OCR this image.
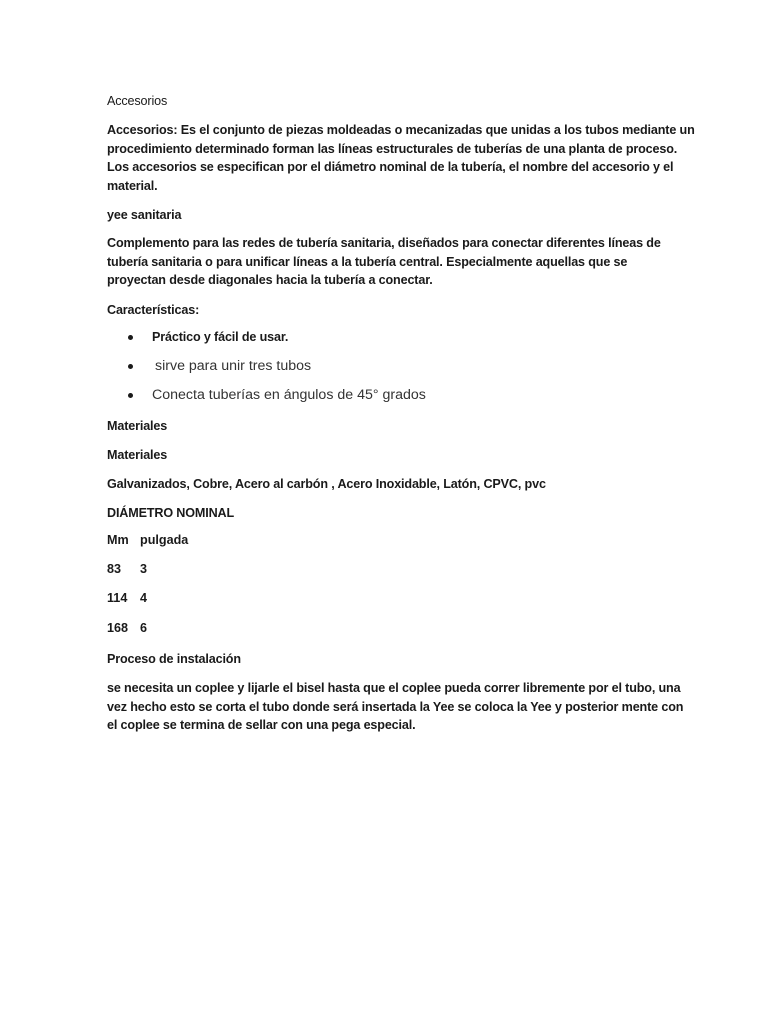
Accesorios

Accesorios: Es el conjunto de piezas moldeadas o mecanizadas que unidas a los tubos mediante un
procedimiento determinado forman las líneas estructurales de tuberías de una planta de proceso.
Los accesorios se especifican por el diámetro nominal de la tubería, el nombre del accesorio y el
material.

yee sanitaria

Complemento para las redes de tubería sanitaria, diseñados para conectar diferentes líneas de
tubería sanitaria o para unificar líneas a la tubería central. Especialmente aquellas que se
proyectan desde diagonales hacia la tubería a conectar.

Características:

Práctico y fácil de usar.
sirve para unir tres tubos
Conecta tuberías en ángulos de 45° grados

Materiales

Materiales

Galvanizados, Cobre, Acero al carbón , Acero Inoxidable, Latón, CPVC, pvc

DIÁMETRO NOMINAL

Mm pulgada
83	3
114	4
168 6

Proceso de instalación

se necesita un coplee y lijarle el bisel hasta que el coplee pueda correr libremente por el tubo, una
vez hecho esto se corta el tubo donde será insertada la Yee se coloca la Yee y posterior mente con
el coplee se termina de sellar con una pega especial.
